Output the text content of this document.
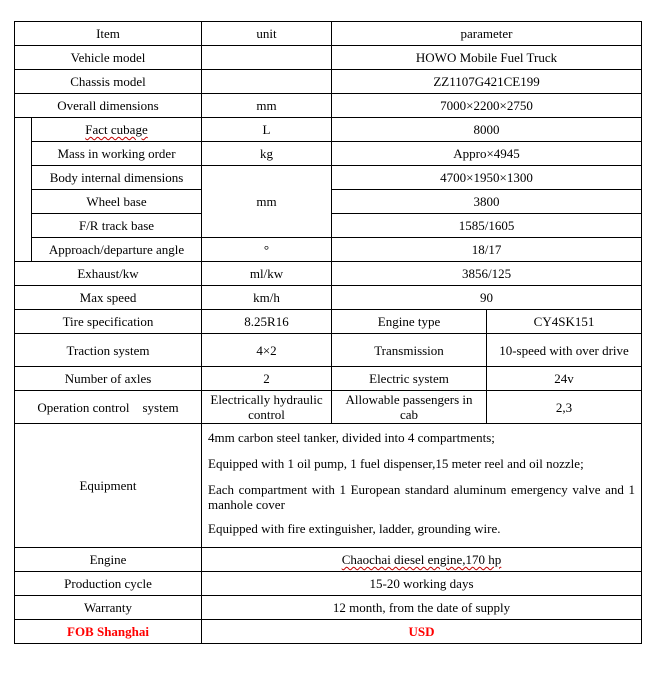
Item		unit	parameter	
Vehicle model			HOWO Mobile Fuel Truck	
Chassis model			ZZ1107G421CE199	
Overall dimensions		mm	7000×2200×2750	
	Fact cubage	L	8000	
	Mass in working order	kg	Appro×4945	
	Body internal dimensions	mm	4700×1950×1300	
	Wheel base		3800	
	F/R track base		1585/1605	
	Approach/departure angle	°	18/17	
Exhaust/kw		ml/kw	3856/125	
Max speed		km/h	90	
Tire specification		8.25R16	Engine type	CY4SK151
Traction system		4×2	Transmission	10-speed with over drive
Number of axles		2	Electric system	24v
Operation control    system		Electrically hydraulic control	Allowable passengers in cab	2,3
Equipment		4mm carbon steel tanker, divided into 4 compartments;

Equipped with 1 oil pump, 1 fuel dispenser,15 meter reel and oil nozzle;

Each compartment with 1 European standard aluminum emergency valve and 1 manhole cover

Equipped with fire extinguisher, ladder, grounding wire.		

Engine		Chaochai diesel engine,170 hp		
Production cycle		15-20 working days		
Warranty		12 month, from the date of supply		
FOB Shanghai		USD		
